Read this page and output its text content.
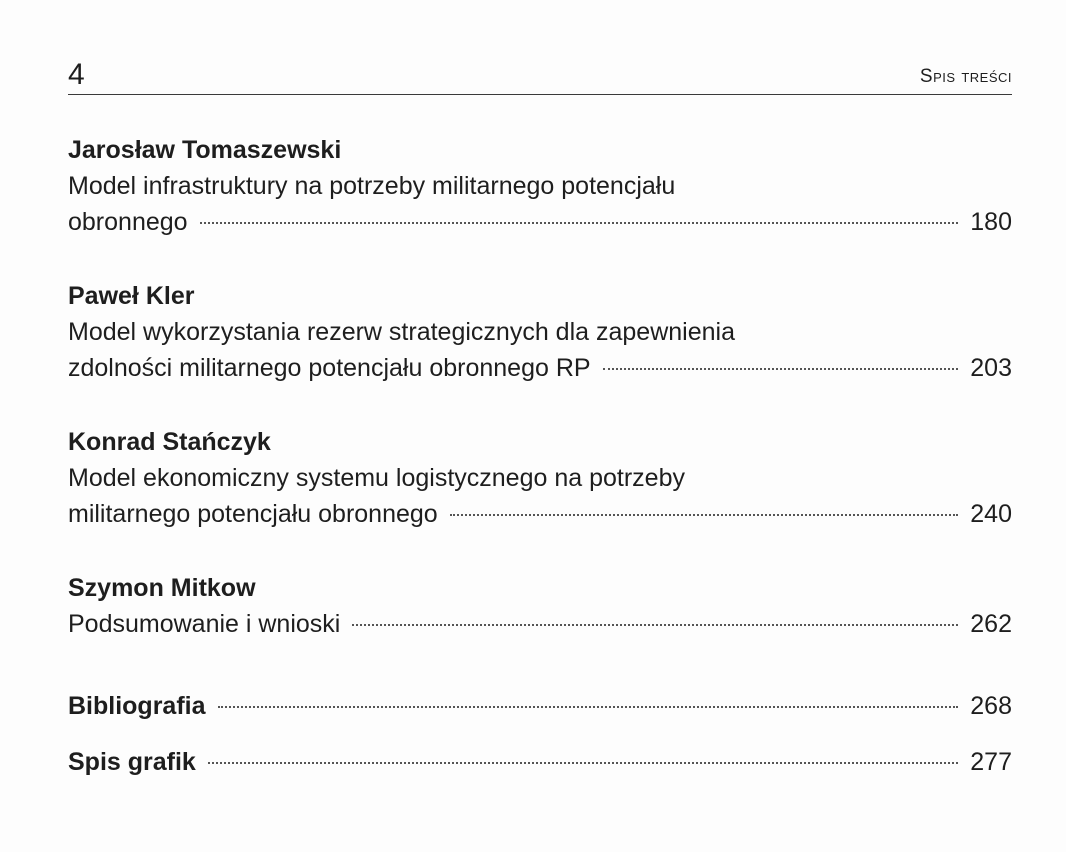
4	Spis treści
Jarosław Tomaszewski
Model infrastruktury na potrzeby militarnego potencjału
obronnego	180
Paweł Kler
Model wykorzystania rezerw strategicznych dla zapewnienia
zdolności militarnego potencjału obronnego RP	203
Konrad Stańczyk
Model ekonomiczny systemu logistycznego na potrzeby
militarnego potencjału obronnego	240
Szymon Mitkow
Podsumowanie i wnioski	262
Bibliografia	268
Spis grafik	277
